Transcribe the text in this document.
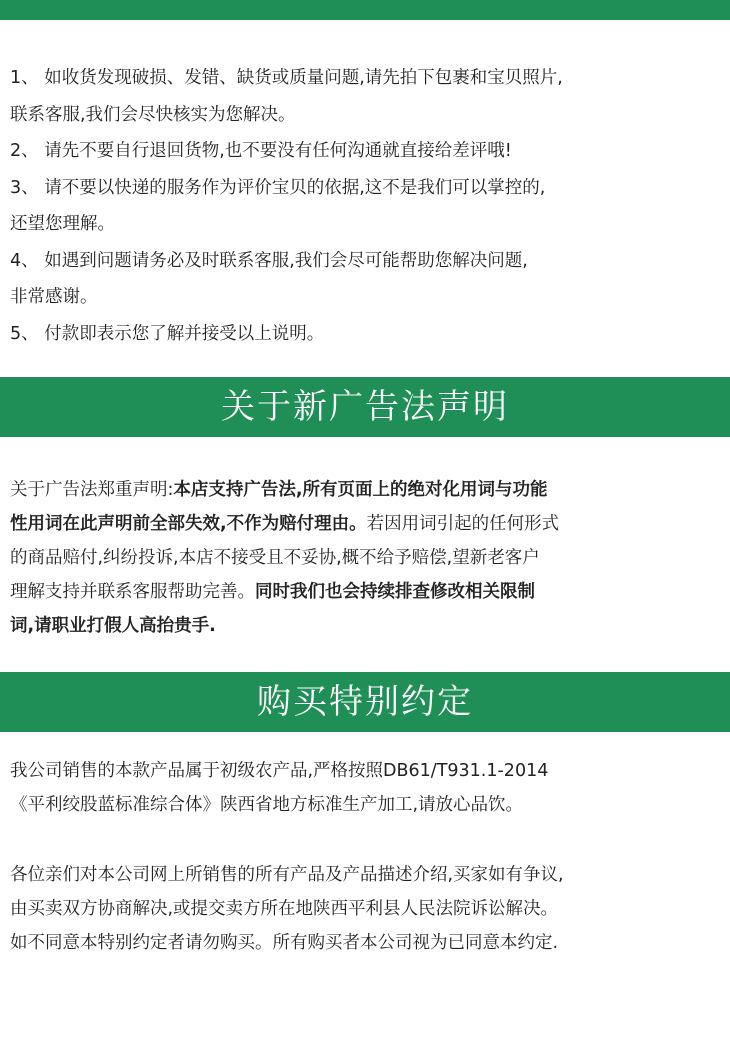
1、 如收货发现破损、发错、缺货或质量问题,请先拍下包裹和宝贝照片,

联系客服,我们会尽快核实为您解决。

2、 请先不要自行退回货物,也不要没有任何沟通就直接给差评哦!

3、 请不要以快递的服务作为评价宝贝的依据,这不是我们可以掌控的,

还望您理解。

4、 如遇到问题请务必及时联系客服,我们会尽可能帮助您解决问题,

非常感谢。

5、 付款即表示您了解并接受以上说明。

关于新广告法声明

关于广告法郑重声明:本店支持广告法,所有页面上的绝对化用词与功能

性用词在此声明前全部失效,不作为赔付理由。若因用词引起的任何形式

的商品赔付,纠纷投诉,本店不接受且不妥协,概不给予赔偿,望新老客户

理解支持并联系客服帮助完善。同时我们也会持续排查修改相关限制

词,请职业打假人高抬贵手.

购买特别约定

我公司销售的本款产品属于初级农产品,严格按照DB61/T931.1-2014

《平利绞股蓝标准综合体》陕西省地方标准生产加工,请放心品饮。

各位亲们对本公司网上所销售的所有产品及产品描述介绍,买家如有争议,

由买卖双方协商解决,或提交卖方所在地陕西平利县人民法院诉讼解决。

如不同意本特别约定者请勿购买。所有购买者本公司视为已同意本约定.
